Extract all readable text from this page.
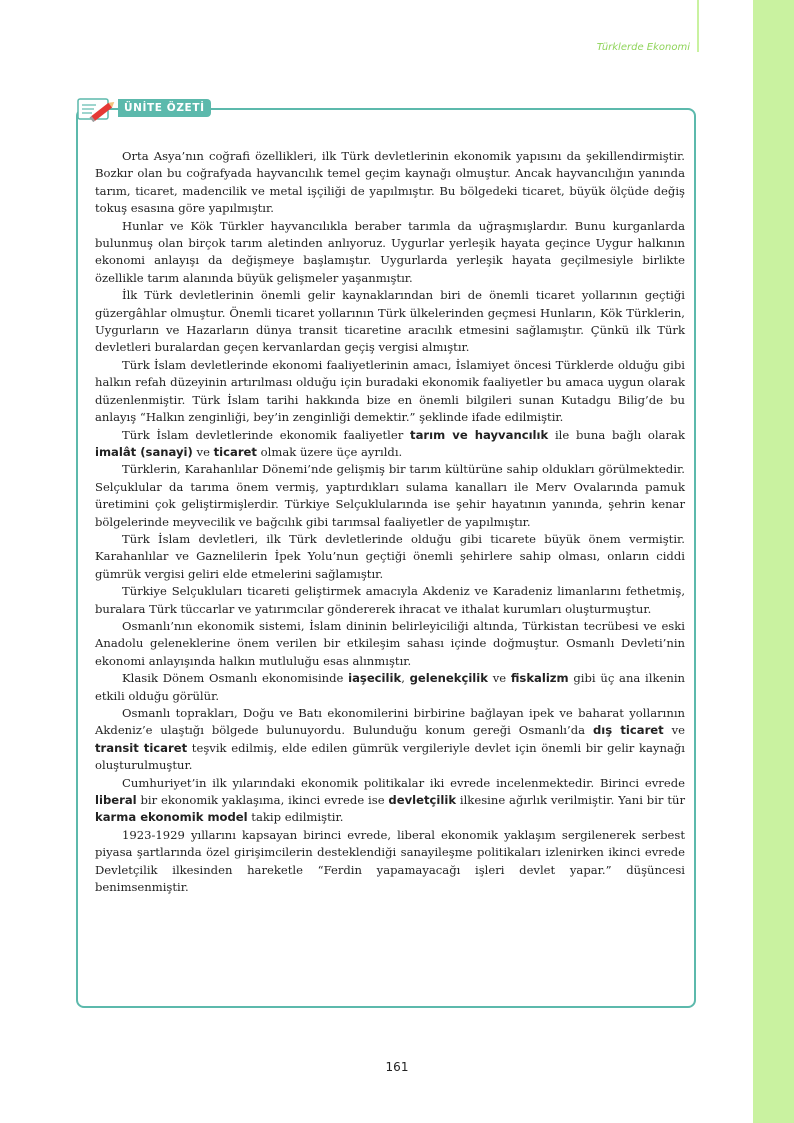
Türklerde Ekonomi
ÜNİTE ÖZETİ

Orta Asya’nın coğrafi özellikleri, ilk Türk devletlerinin ekonomik yapısını da şekillendirmiştir. Bozkır olan bu coğrafyada hayvancılık temel geçim kaynağı olmuştur. Ancak hayvancılığın yanında tarım, ticaret, madencilik ve metal işçiliği de yapılmıştır. Bu bölgedeki ticaret, büyük ölçüde değiş tokuş esasına göre yapılmıştır.

Hunlar ve Kök Türkler hayvancılıkla beraber tarımla da uğraşmışlardır. Bunu kurganlarda bulunmuş olan birçok tarım aletinden anlıyoruz. Uygurlar yerleşik hayata geçince Uygur halkının ekonomi anlayışı da değişmeye başlamıştır. Uygurlarda yerleşik hayata geçilmesiyle birlikte özellikle tarım alanında büyük gelişmeler yaşanmıştır.

İlk Türk devletlerinin önemli gelir kaynaklarından biri de önemli ticaret yollarının geçtiği güzergâhlar olmuştur. Önemli ticaret yollarının Türk ülkelerinden geçmesi Hunların, Kök Türklerin, Uygurların ve Hazarların dünya transit ticaretine aracılık etmesini sağlamıştır. Çünkü ilk Türk devletleri buralardan geçen kervanlardan geçiş vergisi almıştır.

Türk İslam devletlerinde ekonomi faaliyetlerinin amacı, İslamiyet öncesi Türklerde olduğu gibi halkın refah düzeyinin artırılması olduğu için buradaki ekonomik faaliyetler bu amaca uygun olarak düzenlenmiştir. Türk İslam tarihi hakkında bize en önemli bilgileri sunan Kutadgu Bilig’de bu anlayış “Halkın zenginliği, bey’in zenginliği demektir.” şeklinde ifade edilmiştir.

Türk İslam devletlerinde ekonomik faaliyetler tarım ve hayvancılık ile buna bağlı olarak imalât (sanayi) ve ticaret olmak üzere üçe ayrıldı.

Türklerin, Karahanlılar Dönemi’nde gelişmiş bir tarım kültürüne sahip oldukları görülmektedir. Selçuklular da tarıma önem vermiş, yaptırdıkları sulama kanalları ile Merv Ovalarında pamuk üretimini çok geliştirmişlerdir. Türkiye Selçuklularında ise şehir hayatının yanında, şehrin kenar bölgelerinde meyvecilik ve bağcılık gibi tarımsal faaliyetler de yapılmıştır.

Türk İslam devletleri, ilk Türk devletlerinde olduğu gibi ticarete büyük önem vermiştir. Karahanlılar ve Gaznelilerin İpek Yolu’nun geçtiği önemli şehirlere sahip olması, onların ciddi gümrük vergisi geliri elde etmelerini sağlamıştır.

Türkiye Selçukluları ticareti geliştirmek amacıyla Akdeniz ve Karadeniz limanlarını fethetmiş, buralara Türk tüccarlar ve yatırımcılar göndererek ihracat ve ithalat kurumları oluşturmuştur.

Osmanlı’nın ekonomik sistemi, İslam dininin belirleyiciliği altında, Türkistan tecrübesi ve eski Anadolu geleneklerine önem verilen bir etkileşim sahası içinde doğmuştur. Osmanlı Devleti’nin ekonomi anlayışında halkın mutluluğu esas alınmıştır.

Klasik Dönem Osmanlı ekonomisinde iaşecilik, gelenekçilik ve fiskalizm gibi üç ana ilkenin etkili olduğu görülür.

Osmanlı toprakları, Doğu ve Batı ekonomilerini birbirine bağlayan ipek ve baharat yollarının Akdeniz’e ulaştığı bölgede bulunuyordu. Bulunduğu konum gereği Osmanlı’da dış ticaret ve transit ticaret teşvik edilmiş, elde edilen gümrük vergileriyle devlet için önemli bir gelir kaynağı oluşturulmuştur.

Cumhuriyet’in ilk yılarındaki ekonomik politikalar iki evrede incelenmektedir. Birinci evrede liberal bir ekonomik yaklaşıma, ikinci evrede ise devletçilik ilkesine ağırlık verilmiştir. Yani bir tür karma ekonomik model takip edilmiştir.

1923-1929 yıllarını kapsayan birinci evrede, liberal ekonomik yaklaşım sergilenerek serbest piyasa şartlarında özel girişimcilerin desteklendiği sanayileşme politikaları izlenirken ikinci evrede Devletçilik ilkesinden hareketle “Ferdin yapamayacağı işleri devlet yapar.” düşüncesi benimsenmiştir.

161
